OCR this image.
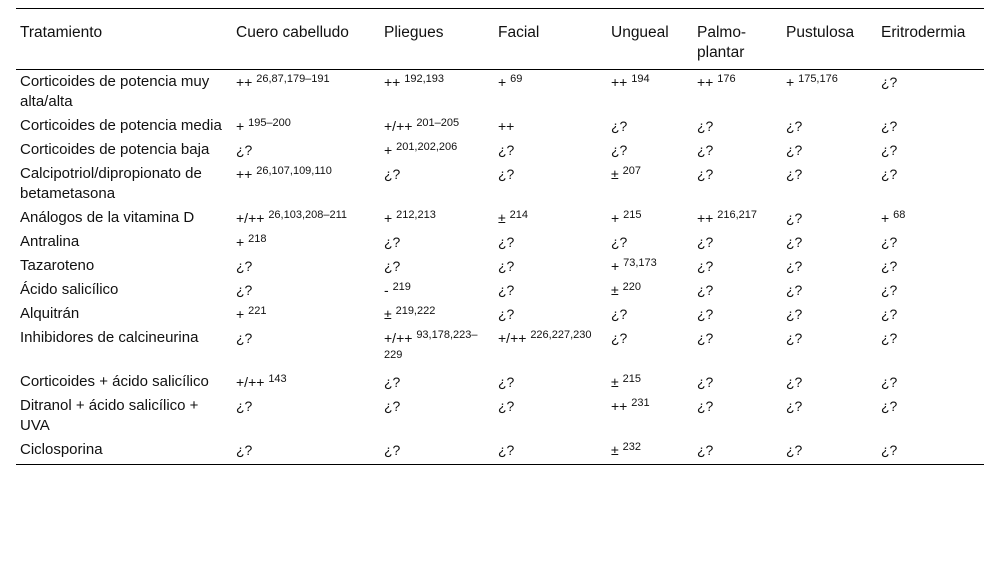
Tratamiento	Cuero cabelludo	Pliegues	Facial	Ungueal	Palmo-plantar	Pustulosa	Eritrodermia
Corticoides de potencia muy alta/alta	++ $^{26,87,179-191}$	++ $^{192,193}$	+ $^{69}$	++ $^{194}$	++ $^{176}$	+ $^{175,176}$	¿?
Corticoides de potencia media	+ $^{195-200}$	+/++ $^{201-205}$	++	¿?	¿?	¿?	¿?
Corticoides de potencia baja	¿?	+ $^{201,202,206}$	¿?	¿?	¿?	¿?	¿?
Calcipotriol/dipropionato de betametasona	++ $^{26,107,109,110}$	¿?	¿?	± $^{207}$	¿?	¿?	¿?
Análogos de la vitamina D	+/++ $^{26,103,208-211}$	+ $^{212,213}$	± $^{214}$	+ $^{215}$	++ $^{216,217}$	¿?	+ $^{68}$
Antralina	+ $^{218}$	¿?	¿?	¿?	¿?	¿?	¿?
Tazaroteno	¿?	¿?	¿?	+ $^{73,173}$	¿?	¿?	¿?
Ácido salicílico	¿?	- $^{219}$	¿?	± $^{220}$	¿?	¿?	¿?
Alquitrán	+ $^{221}$	± $^{219,222}$	¿?	¿?	¿?	¿?	¿?
Inhibidores de calcineurina	¿?	+/++ $^{93,178,223-229}$	+/++ $^{226,227,230}$	¿?	¿?	¿?	¿?
Corticoides + ácido salicílico	+/++ $^{143}$	¿?	¿?	± $^{215}$	¿?	¿?	¿?
Ditranol + ácido salicílico + UVA	¿?	¿?	¿?	++ $^{231}$	¿?	¿?	¿?
Ciclosporina	¿?	¿?	¿?	± $^{232}$	¿?	¿?	¿?
